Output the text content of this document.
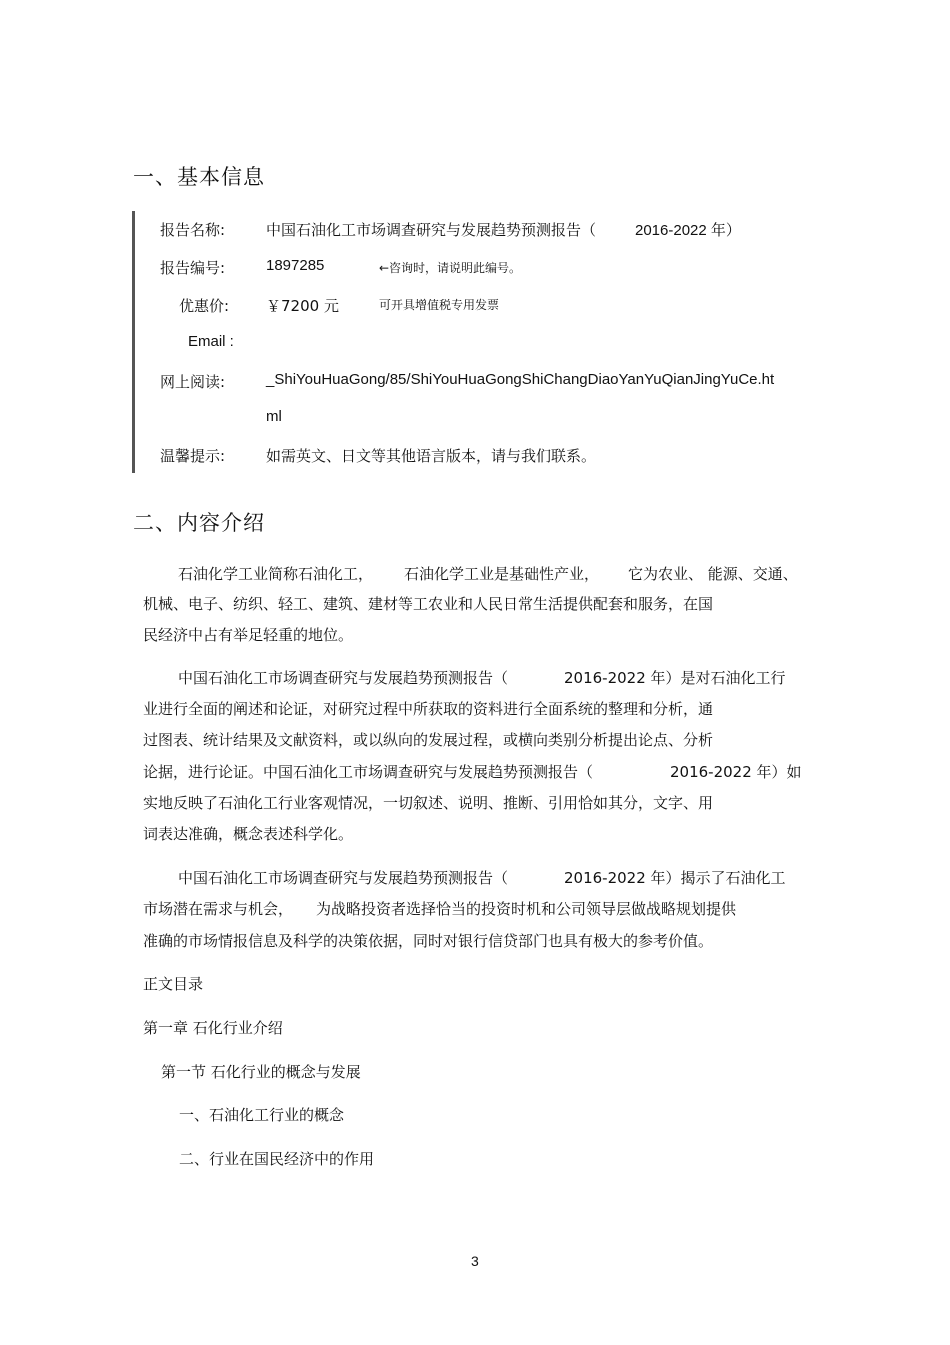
一、基本信息
报告名称:	中国石油化工市场调查研究与发展趋势预测报告（	2016-2022 年）
报告编号:	1897285	←咨询时，请说明此编号。
优惠价: ￥7200 元	可开具增值税专用发票
Email :
网上阅读:	_ShiYouHuaGong/85/ShiYouHuaGongShiChangDiaoYanYuQianJingYuCe.ht
ml
温馨提示:	如需英文、日文等其他语言版本，请与我们联系。
二、内容介绍
石油化学工业简称石油化工， 石油化学工业是基础性产业， 它为农业、 能源、交通、
机械、电子、纺织、轻工、建筑、建材等工农业和人民日常生活提供配套和服务，在国
民经济中占有举足轻重的地位。
中国石油化工市场调查研究与发展趋势预测报告（	2016-2022 年）是对石油化工行
业进行全面的阐述和论证，对研究过程中所获取的资料进行全面系统的整理和分析，通
过图表、统计结果及文献资料，或以纵向的发展过程，或横向类别分析提出论点、分析
论据，进行论证。中国石油化工市场调查研究与发展趋势预测报告（	2016-2022 年）如
实地反映了石油化工行业客观情况，一切叙述、说明、推断、引用恰如其分，文字、用
词表达准确，概念表述科学化。
中国石油化工市场调查研究与发展趋势预测报告（	2016-2022 年）揭示了石油化工
市场潜在需求与机会， 为战略投资者选择恰当的投资时机和公司领导层做战略规划提供
准确的市场情报信息及科学的决策依据，同时对银行信贷部门也具有极大的参考价值。
正文目录
第一章 石化行业介绍
第一节 石化行业的概念与发展
一、石油化工行业的概念
二、行业在国民经济中的作用
3
